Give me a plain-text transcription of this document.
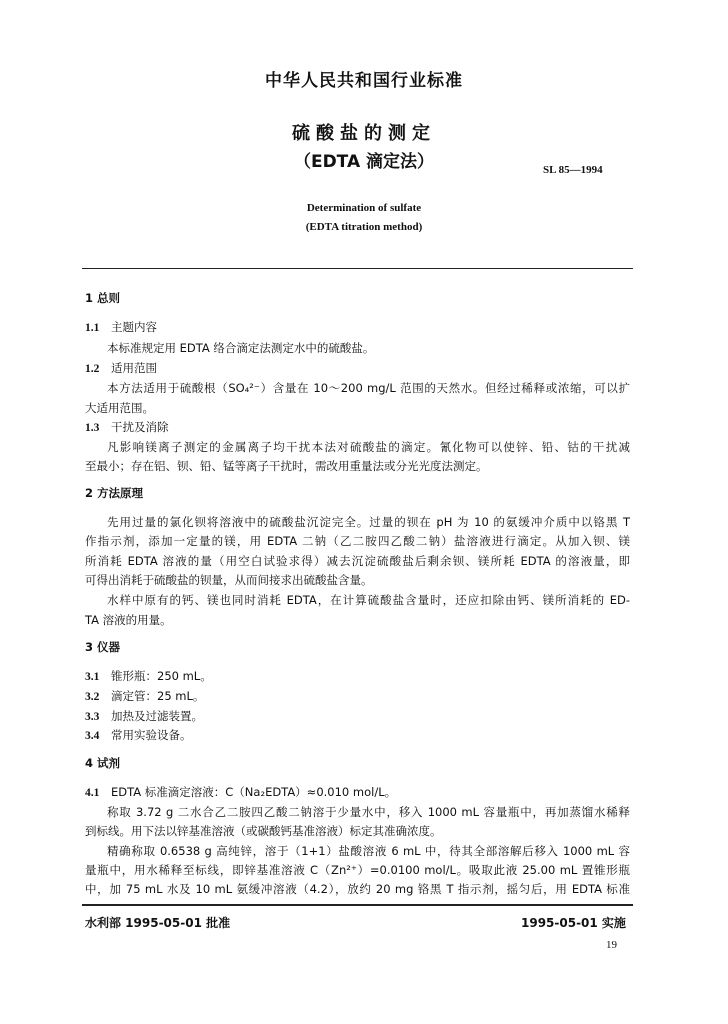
中华人民共和国行业标准
硫酸盐的测定
（EDTA 滴定法）	SL 85—1994
Determination of sulfate
(EDTA titration method)
1 总则
1.1 主题内容
本标准规定用 EDTA 络合滴定法测定水中的硫酸盐。
1.2 适用范围
本方法适用于硫酸根（SO₄²⁻）含量在 10～200 mg/L 范围的天然水。但经过稀释或浓缩，可以扩
大适用范围。
1.3 干扰及消除
凡影响镁离子测定的金属离子均干扰本法对硫酸盐的滴定。氰化物可以使锌、铅、钴的干扰减
至最小；存在铝、钡、铅、锰等离子干扰时，需改用重量法或分光光度法测定。
2 方法原理
先用过量的氯化钡将溶液中的硫酸盐沉淀完全。过量的钡在 pH 为 10 的氨缓冲介质中以铬黑 T
作指示剂，添加一定量的镁，用 EDTA 二钠（乙二胺四乙酸二钠）盐溶液进行滴定。从加入钡、镁
所消耗 EDTA 溶液的量（用空白试验求得）减去沉淀硫酸盐后剩余钡、镁所耗 EDTA 的溶液量，即
可得出消耗于硫酸盐的钡量，从而间接求出硫酸盐含量。
水样中原有的钙、镁也同时消耗 EDTA，在计算硫酸盐含量时，还应扣除由钙、镁所消耗的 ED-
TA 溶液的用量。
3 仪器
3.1 锥形瓶：250 mL。
3.2 滴定管：25 mL。
3.3 加热及过滤装置。
3.4 常用实验设备。
4 试剂
4.1 EDTA 标准滴定溶液：C（Na₂EDTA）≈0.010 mol/L。
称取 3.72 g 二水合乙二胺四乙酸二钠溶于少量水中，移入 1000 mL 容量瓶中，再加蒸馏水稀释
到标线。用下法以锌基准溶液（或碳酸钙基准溶液）标定其准确浓度。
精确称取 0.6538 g 高纯锌，溶于（1+1）盐酸溶液 6 mL 中，待其全部溶解后移入 1000 mL 容
量瓶中，用水稀释至标线，即锌基准溶液 C（Zn²⁺）=0.0100 mol/L。吸取此液 25.00 mL 置锥形瓶
中，加 75 mL 水及 10 mL 氨缓冲溶液（4.2），放约 20 mg 铬黑 T 指示剂，摇匀后，用 EDTA 标准
水利部 1995-05-01 批准	1995-05-01 实施
19
